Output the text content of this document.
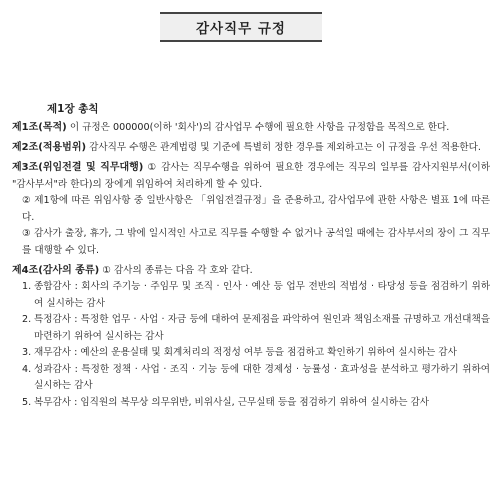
감사직무 규정
제1장 총칙

제1조(목적) 이 규정은 000000(이하 '회사')의 감사업무 수행에 필요한 사항을 규정함을 목적으로 한다.

제2조(적용범위) 감사직무 수행은 관계법령 및 기준에 특별히 정한 경우를 제외하고는 이 규정을 우선 적용한다.

제3조(위임전결 및 직무대행) ① 감사는 직무수행을 위하여 필요한 경우에는 직무의 일부를 감사지원부서(이하 "감사부서"라 한다)의 장에게 위임하여 처리하게 할 수 있다.

② 제1항에 따른 위임사항 중 일반사항은 「위임전결규정」을 준용하고, 감사업무에 관한 사항은 별표 1에 따른다.

③ 감사가 출장, 휴가, 그 밖에 일시적인 사고로 직무를 수행할 수 없거나 공석일 때에는 감사부서의 장이 그 직무를 대행할 수 있다.

제4조(감사의 종류) ① 감사의 종류는 다음 각 호와 같다.

1. 종합감사 : 회사의 주기능 · 주임무 및 조직 · 인사 · 예산 등 업무 전반의 적법성 · 타당성 등을 점검하기 위하여 실시하는 감사
2. 특정감사 : 특정한 업무 · 사업 · 자금 등에 대하여 문제점을 파악하여 원인과 책임소재를 규명하고 개선대책을 마련하기 위하여 실시하는 감사
3. 재무감사 : 예산의 운용실태 및 회계처리의 적정성 여부 등을 점검하고 확인하기 위하여 실시하는 감사
4. 성과감사 : 특정한 정책 · 사업 · 조직 · 기능 등에 대한 경제성 · 능률성 · 효과성을 분석하고 평가하기 위하여 실시하는 감사
5. 복무감사 : 임직원의 복무상 의무위반, 비위사실, 근무실태 등을 점검하기 위하여 실시하는 감사
